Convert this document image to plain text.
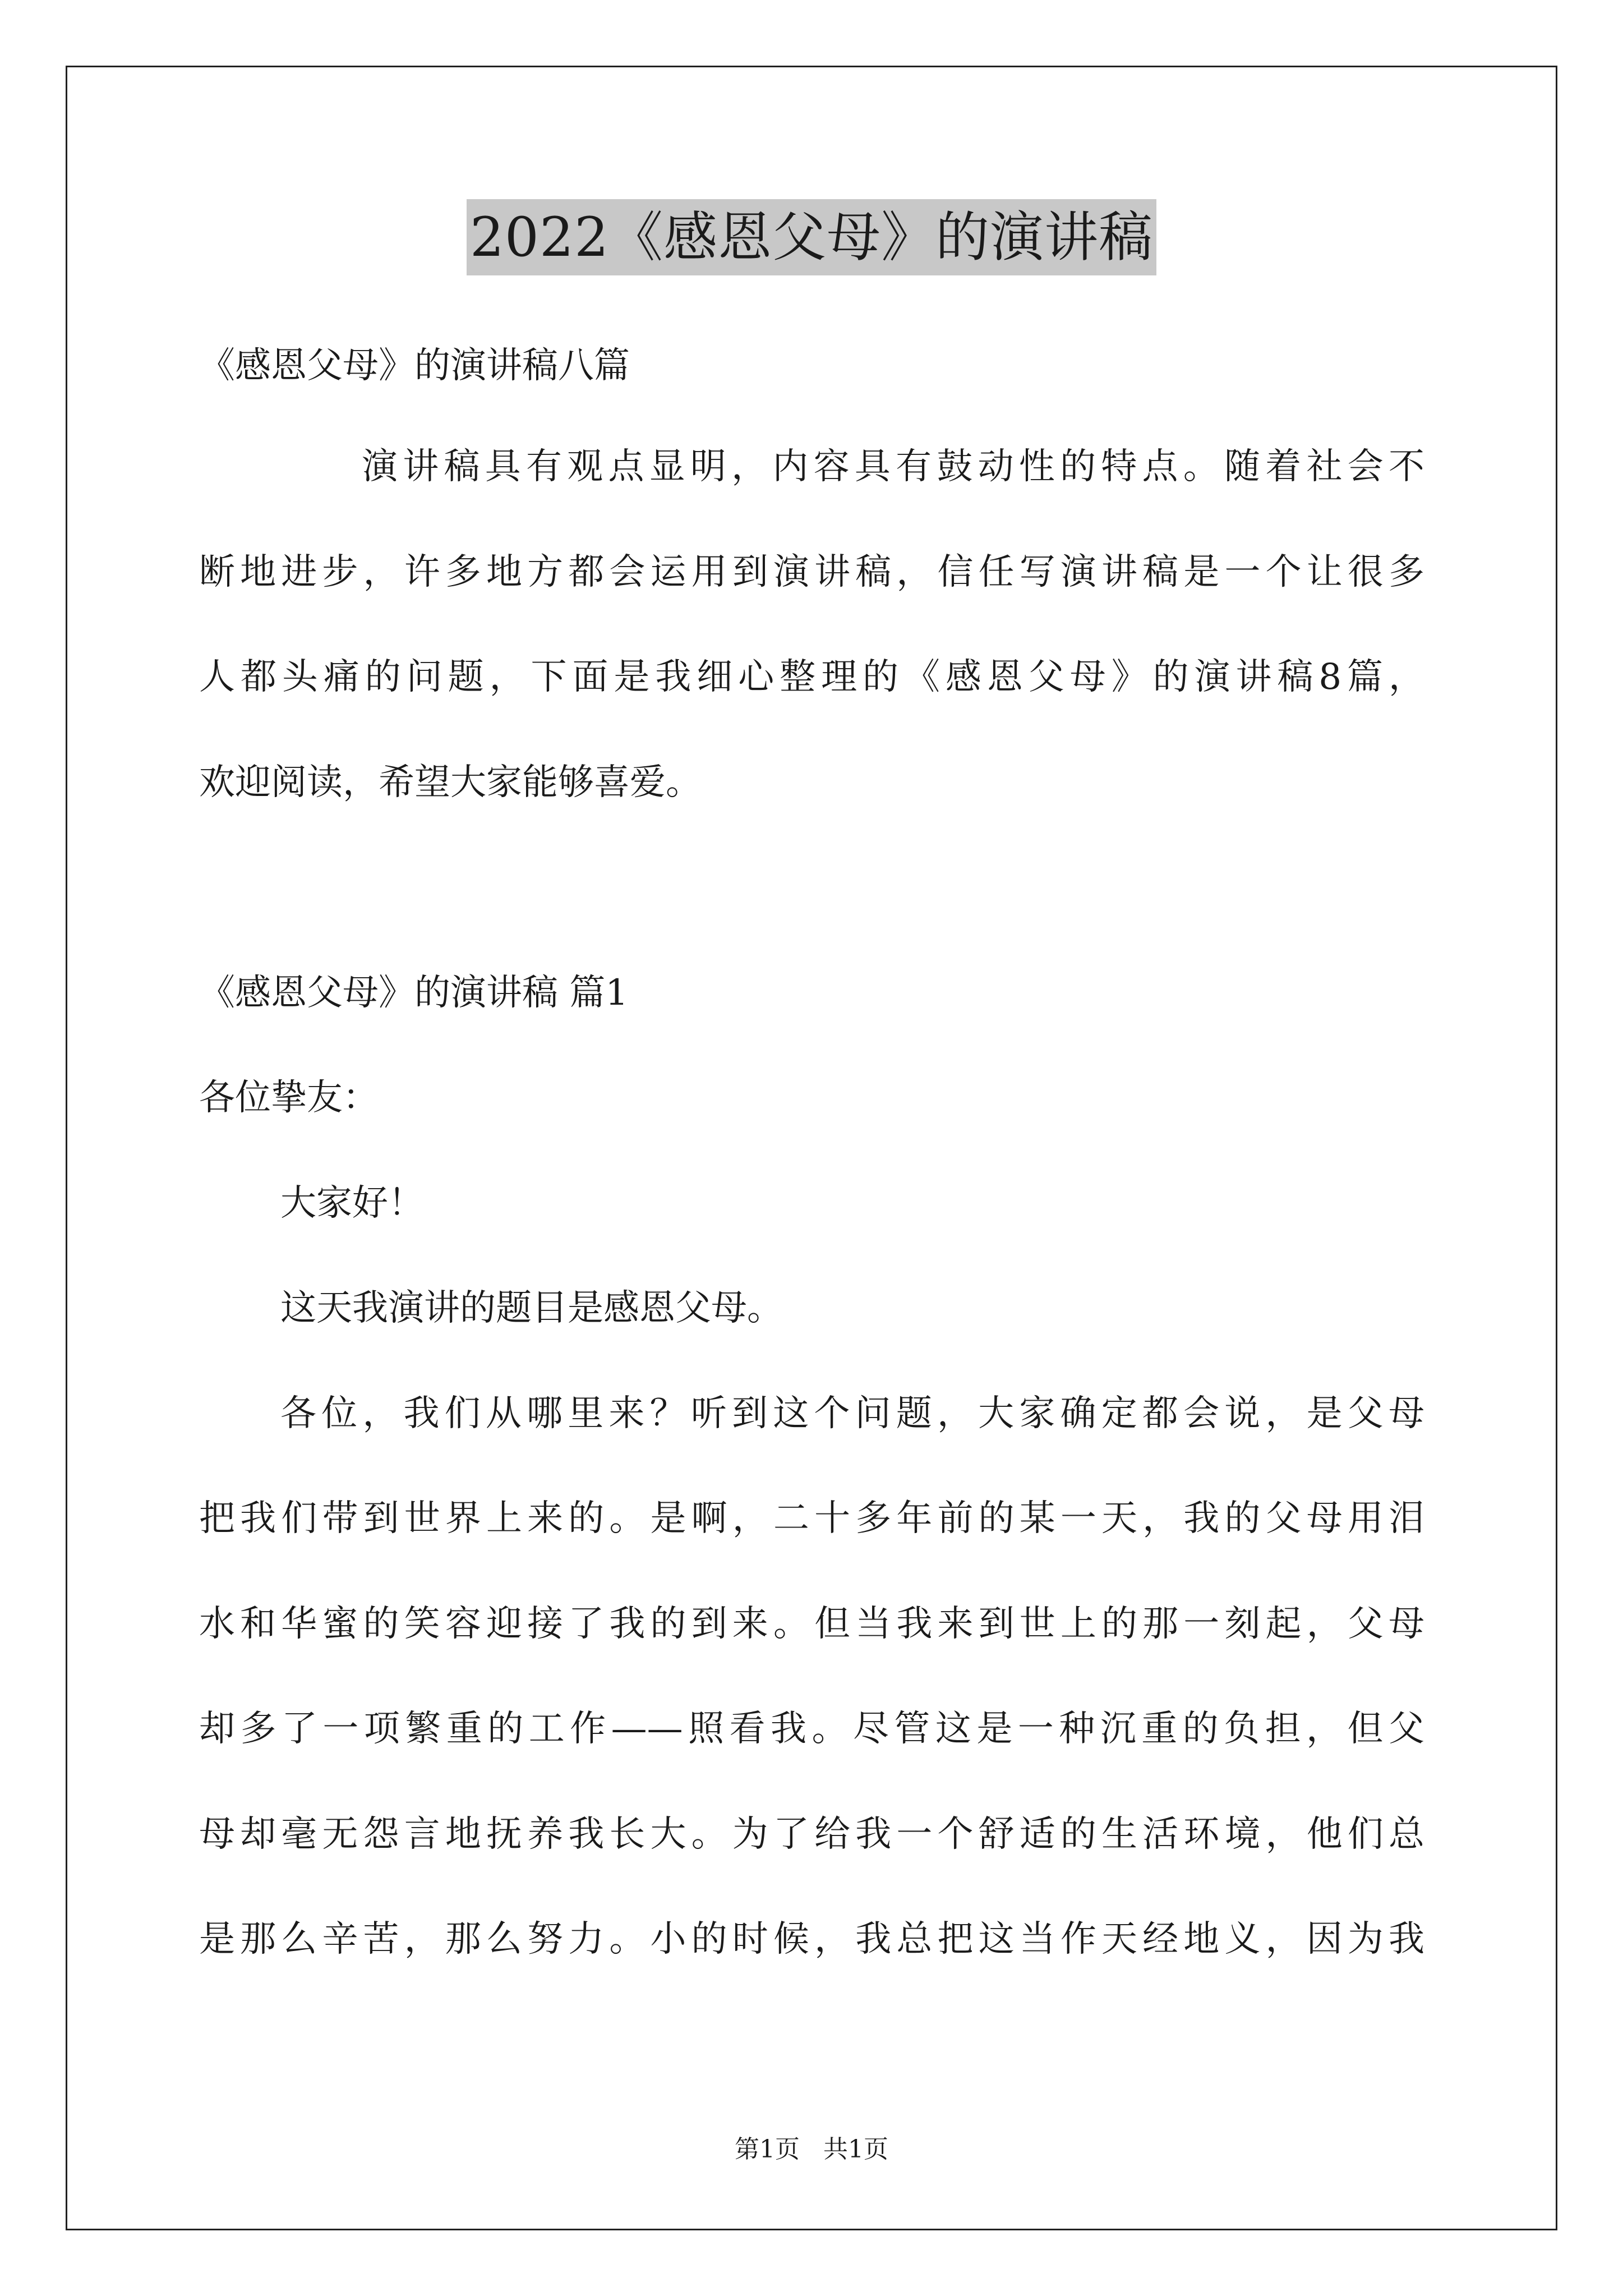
2022《感恩父母》的演讲稿
《感恩父母》的演讲稿八篇
演讲稿具有观点显明，内容具有鼓动性的特点。随着社会不
断地进步，许多地方都会运用到演讲稿，信任写演讲稿是一个让很多
人都头痛的问题，下面是我细心整理的《感恩父母》的演讲稿8篇，
欢迎阅读，希望大家能够喜爱。
《感恩父母》的演讲稿 篇1
各位挚友：
大家好！
这天我演讲的题目是感恩父母。
各位，我们从哪里来？听到这个问题，大家确定都会说，是父母
把我们带到世界上来的。是啊，二十多年前的某一天，我的父母用泪
水和华蜜的笑容迎接了我的到来。但当我来到世上的那一刻起，父母
却多了一项繁重的工作——照看我。尽管这是一种沉重的负担，但父
母却毫无怨言地抚养我长大。为了给我一个舒适的生活环境，他们总
是那么辛苦，那么努力。小的时候，我总把这当作天经地义，因为我
第1页   共1页
